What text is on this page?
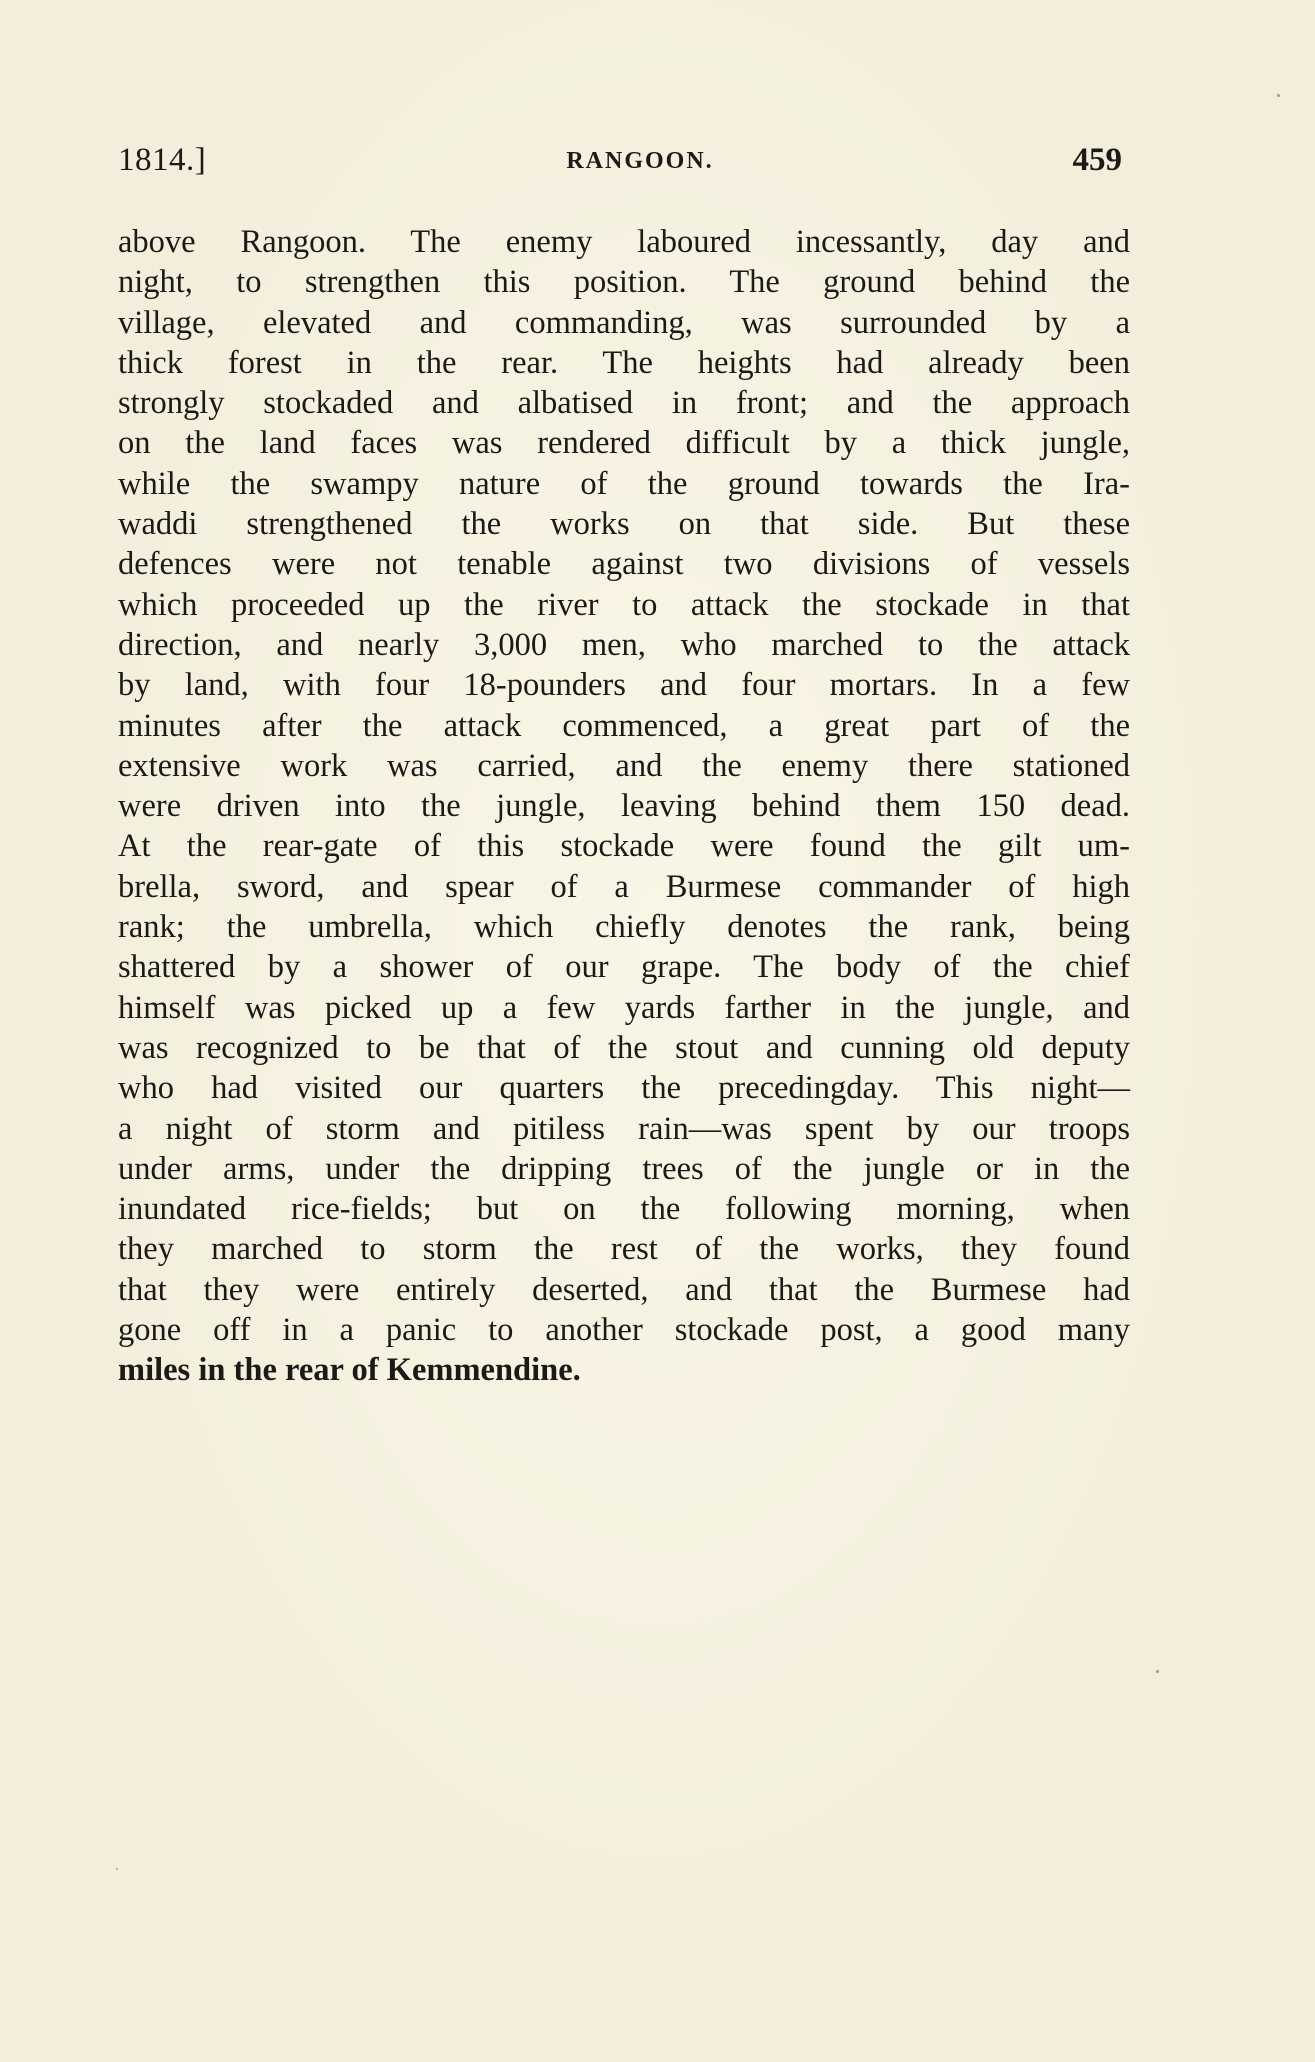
1814.]	RANGOON.	459
above Rangoon. The enemy laboured incessantly, day and
night, to strengthen this position. The ground behind the
village, elevated and commanding, was surrounded by a
thick forest in the rear. The heights had already been
strongly stockaded and albatised in front; and the approach
on the land faces was rendered difficult by a thick jungle,
while the swampy nature of the ground towards the Ira-
waddi strengthened the works on that side. But these
defences were not tenable against two divisions of vessels
which proceeded up the river to attack the stockade in that
direction, and nearly 3,000 men, who marched to the attack
by land, with four 18-pounders and four mortars. In a few
minutes after the attack commenced, a great part of the
extensive work was carried, and the enemy there stationed
were driven into the jungle, leaving behind them 150 dead.
At the rear-gate of this stockade were found the gilt um-
brella, sword, and spear of a Burmese commander of high
rank; the umbrella, which chiefly denotes the rank, being
shattered by a shower of our grape. The body of the chief
himself was picked up a few yards farther in the jungle, and
was recognized to be that of the stout and cunning old deputy
who had visited our quarters the precedingday. This night—
a night of storm and pitiless rain—was spent by our troops
under arms, under the dripping trees of the jungle or in the
inundated rice-fields; but on the following morning, when
they marched to storm the rest of the works, they found
that they were entirely deserted, and that the Burmese had
gone off in a panic to another stockade post, a good many
miles in the rear of Kemmendine.
